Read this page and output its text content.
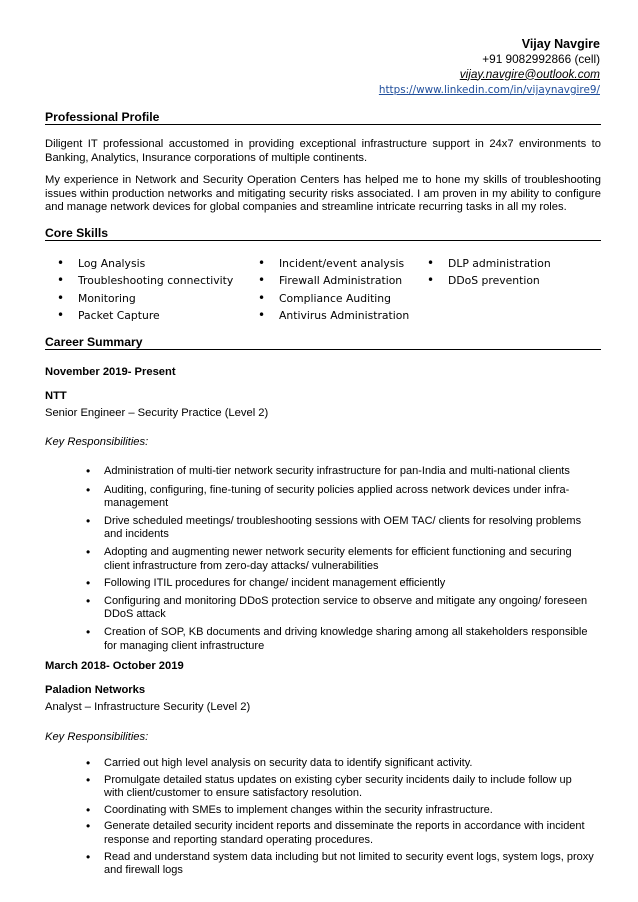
Vijay Navgire
+91 9082992866 (cell)
vijay.navgire@outlook.com
https://www.linkedin.com/in/vijaynavgire9/
Professional Profile
Diligent IT professional accustomed in providing exceptional infrastructure support in 24x7 environments to Banking, Analytics, Insurance corporations of multiple continents.
My experience in Network and Security Operation Centers has helped me to hone my skills of troubleshooting issues within production networks and mitigating security risks associated. I am proven in my ability to configure and manage network devices for global companies and streamline intricate recurring tasks in all my roles.
Core Skills
• Log Analysis
• Troubleshooting connectivity
• Monitoring
• Packet Capture
• Incident/event analysis
• Firewall Administration
• Compliance Auditing
• Antivirus Administration
• DLP administration
• DDoS prevention
Career Summary
November 2019- Present
NTT
Senior Engineer – Security Practice (Level 2)
Key Responsibilities:
• Administration of multi-tier network security infrastructure for pan-India and multi-national clients
• Auditing, configuring, fine-tuning of security policies applied across network devices under infra-management
• Drive scheduled meetings/ troubleshooting sessions with OEM TAC/ clients for resolving problems and incidents
• Adopting and augmenting newer network security elements for efficient functioning and securing client infrastructure from zero-day attacks/ vulnerabilities
• Following ITIL procedures for change/ incident management efficiently
• Configuring and monitoring DDoS protection service to observe and mitigate any ongoing/ foreseen DDoS attack
• Creation of SOP, KB documents and driving knowledge sharing among all stakeholders responsible for managing client infrastructure
March 2018- October 2019
Paladion Networks
Analyst – Infrastructure Security (Level 2)
Key Responsibilities:
• Carried out high level analysis on security data to identify significant activity.
• Promulgate detailed status updates on existing cyber security incidents daily to include follow up with client/customer to ensure satisfactory resolution.
• Coordinating with SMEs to implement changes within the security infrastructure.
• Generate detailed security incident reports and disseminate the reports in accordance with incident response and reporting standard operating procedures.
• Read and understand system data including but not limited to security event logs, system logs, proxy and firewall logs
